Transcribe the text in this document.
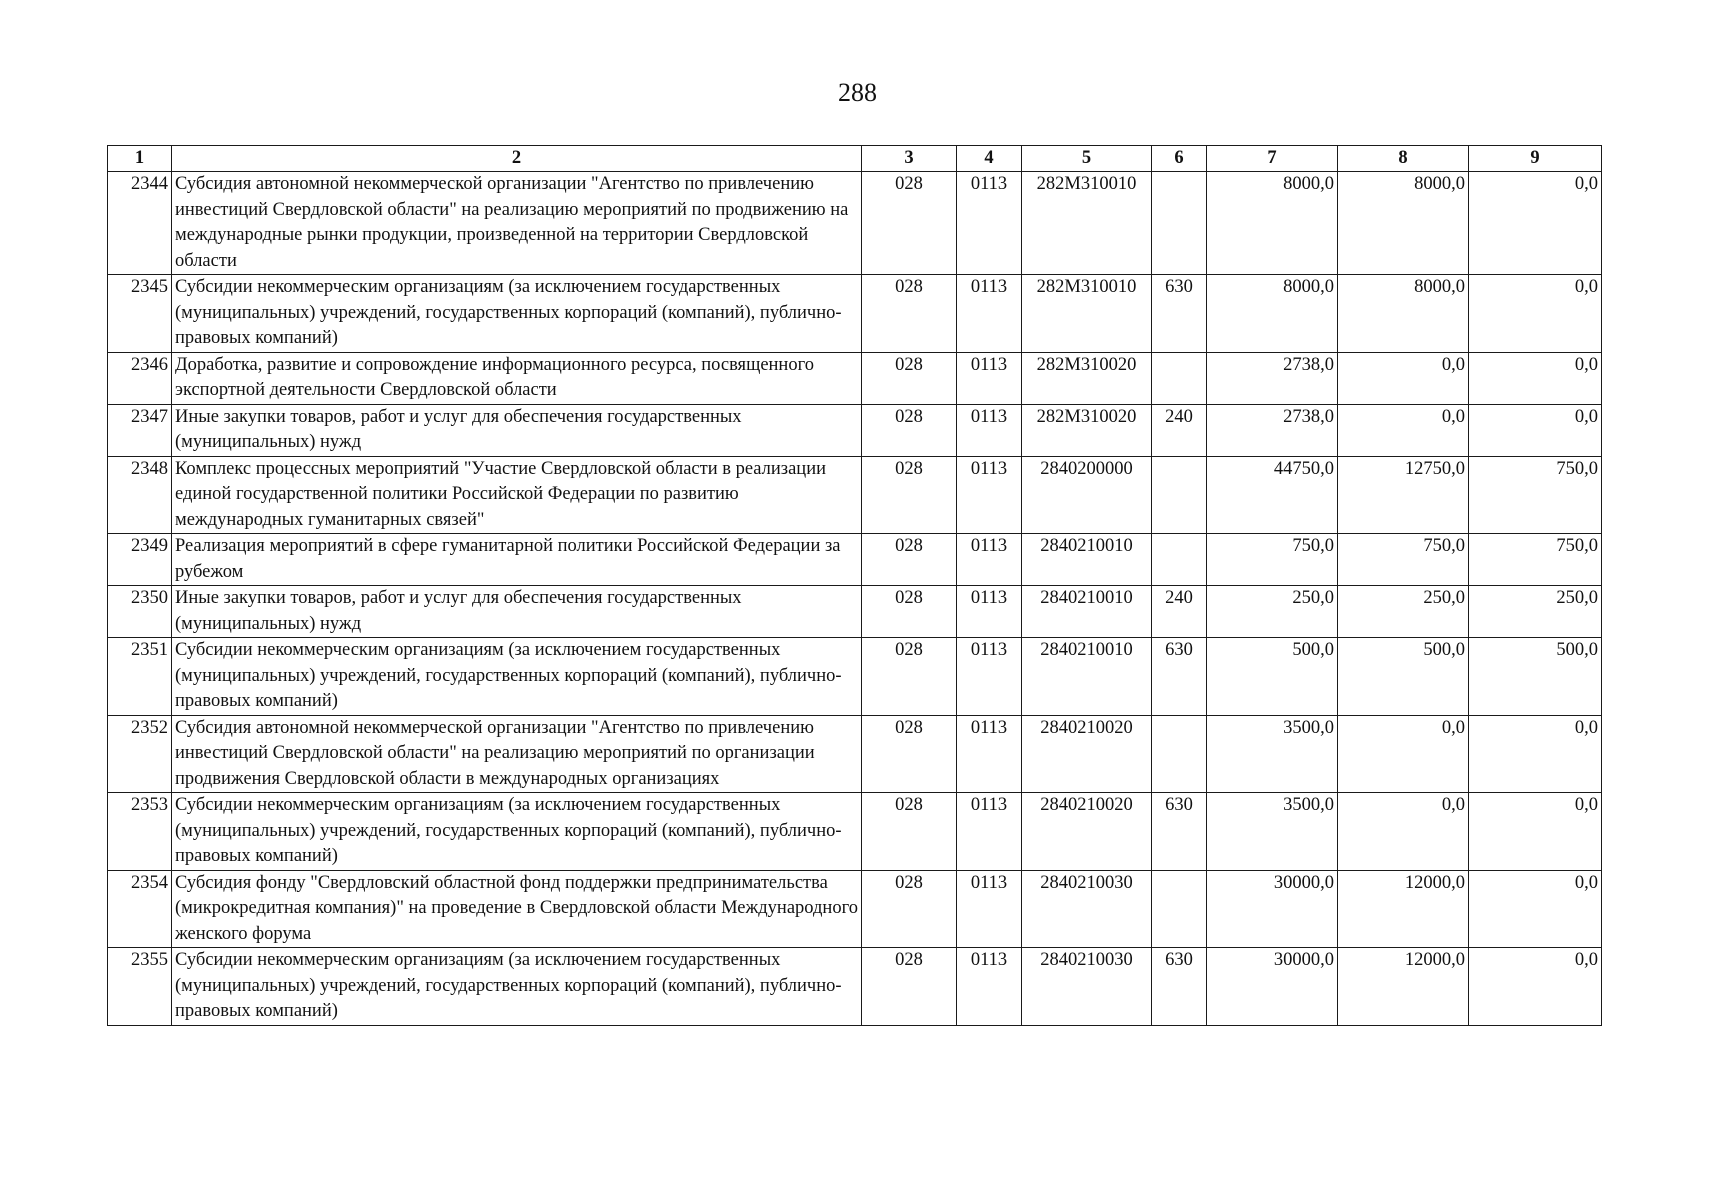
288
1	2	3	4	5	6	7	8	9
2344	Субсидия автономной некоммерческой организации "Агентство по привлечению инвестиций Свердловской области" на реализацию мероприятий по продвижению на международные рынки продукции, произведенной на территории Свердловской области	028	0113	282M310010		8000,0	8000,0	0,0
2345	Субсидии некоммерческим организациям (за исключением государственных (муниципальных) учреждений, государственных корпораций (компаний), публично-правовых компаний)	028	0113	282M310010	630	8000,0	8000,0	0,0
2346	Доработка, развитие и сопровождение информационного ресурса, посвященного экспортной деятельности Свердловской области	028	0113	282M310020		2738,0	0,0	0,0
2347	Иные закупки товаров, работ и услуг для обеспечения государственных (муниципальных) нужд	028	0113	282M310020	240	2738,0	0,0	0,0
2348	Комплекс процессных мероприятий "Участие Свердловской области в реализации единой государственной политики Российской Федерации по развитию международных гуманитарных связей"	028	0113	2840200000		44750,0	12750,0	750,0
2349	Реализация мероприятий в сфере гуманитарной политики Российской Федерации за рубежом	028	0113	2840210010		750,0	750,0	750,0
2350	Иные закупки товаров, работ и услуг для обеспечения государственных (муниципальных) нужд	028	0113	2840210010	240	250,0	250,0	250,0
2351	Субсидии некоммерческим организациям (за исключением государственных (муниципальных) учреждений, государственных корпораций (компаний), публично-правовых компаний)	028	0113	2840210010	630	500,0	500,0	500,0
2352	Субсидия автономной некоммерческой организации "Агентство по привлечению инвестиций Свердловской области" на реализацию мероприятий по организации продвижения Свердловской области в международных организациях	028	0113	2840210020		3500,0	0,0	0,0
2353	Субсидии некоммерческим организациям (за исключением государственных (муниципальных) учреждений, государственных корпораций (компаний), публично-правовых компаний)	028	0113	2840210020	630	3500,0	0,0	0,0
2354	Субсидия фонду "Свердловский областной фонд поддержки предпринимательства (микрокредитная компания)" на проведение в Свердловской области Международного женского форума	028	0113	2840210030		30000,0	12000,0	0,0
2355	Субсидии некоммерческим организациям (за исключением государственных (муниципальных) учреждений, государственных корпораций (компаний), публично-правовых компаний)	028	0113	2840210030	630	30000,0	12000,0	0,0
